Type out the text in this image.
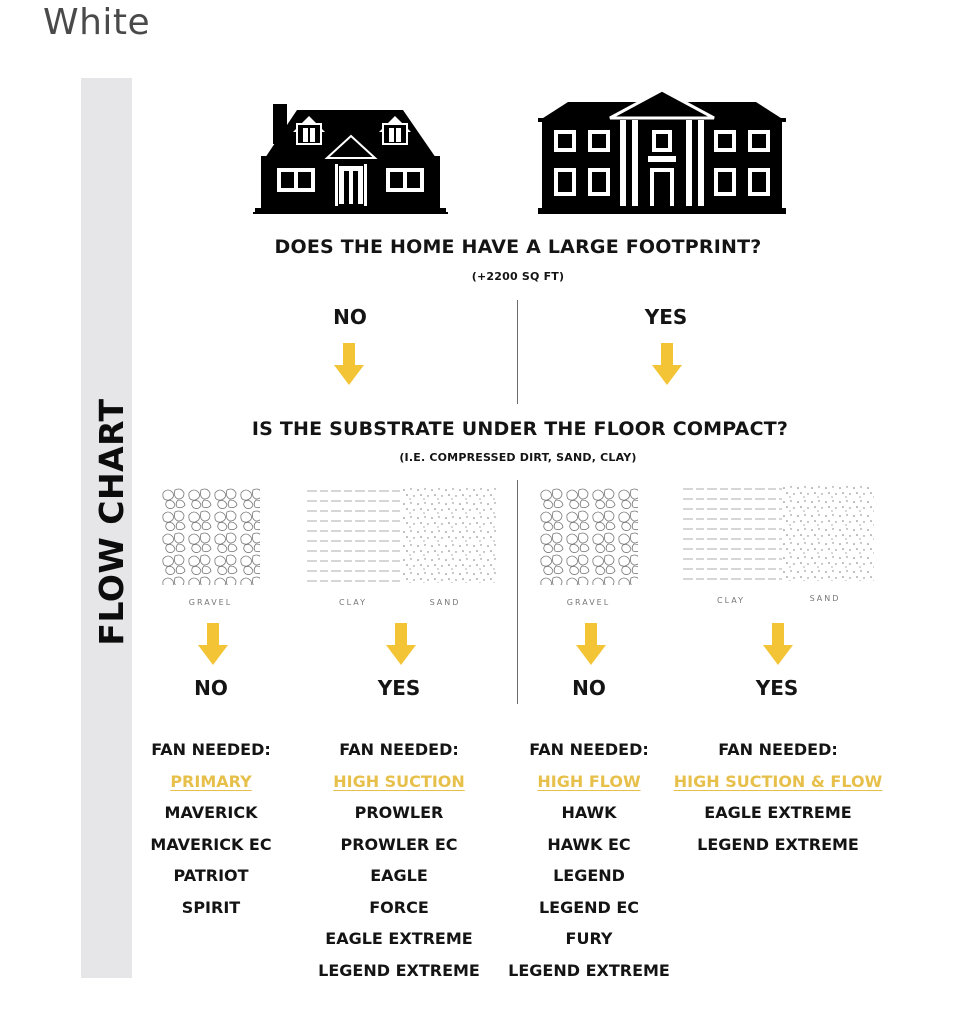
White
FLOW CHART
DOES THE HOME HAVE A LARGE FOOTPRINT?
(+2200 SQ FT)
NO	YES
IS THE SUBSTRATE UNDER THE FLOOR COMPACT?
(I.E. COMPRESSED DIRT, SAND, CLAY)
GRAVEL	CLAY	SAND	GRAVEL	CLAY	SAND
NO	YES	NO	YES
FAN NEEDED:
PRIMARY
MAVERICK
MAVERICK EC
PATRIOT
SPIRIT
FAN NEEDED:
HIGH SUCTION
PROWLER
PROWLER EC
EAGLE
FORCE
EAGLE EXTREME
LEGEND EXTREME
FAN NEEDED:
HIGH FLOW
HAWK
HAWK EC
LEGEND
LEGEND EC
FURY
LEGEND EXTREME
FAN NEEDED:
HIGH SUCTION & FLOW
EAGLE EXTREME
LEGEND EXTREME
